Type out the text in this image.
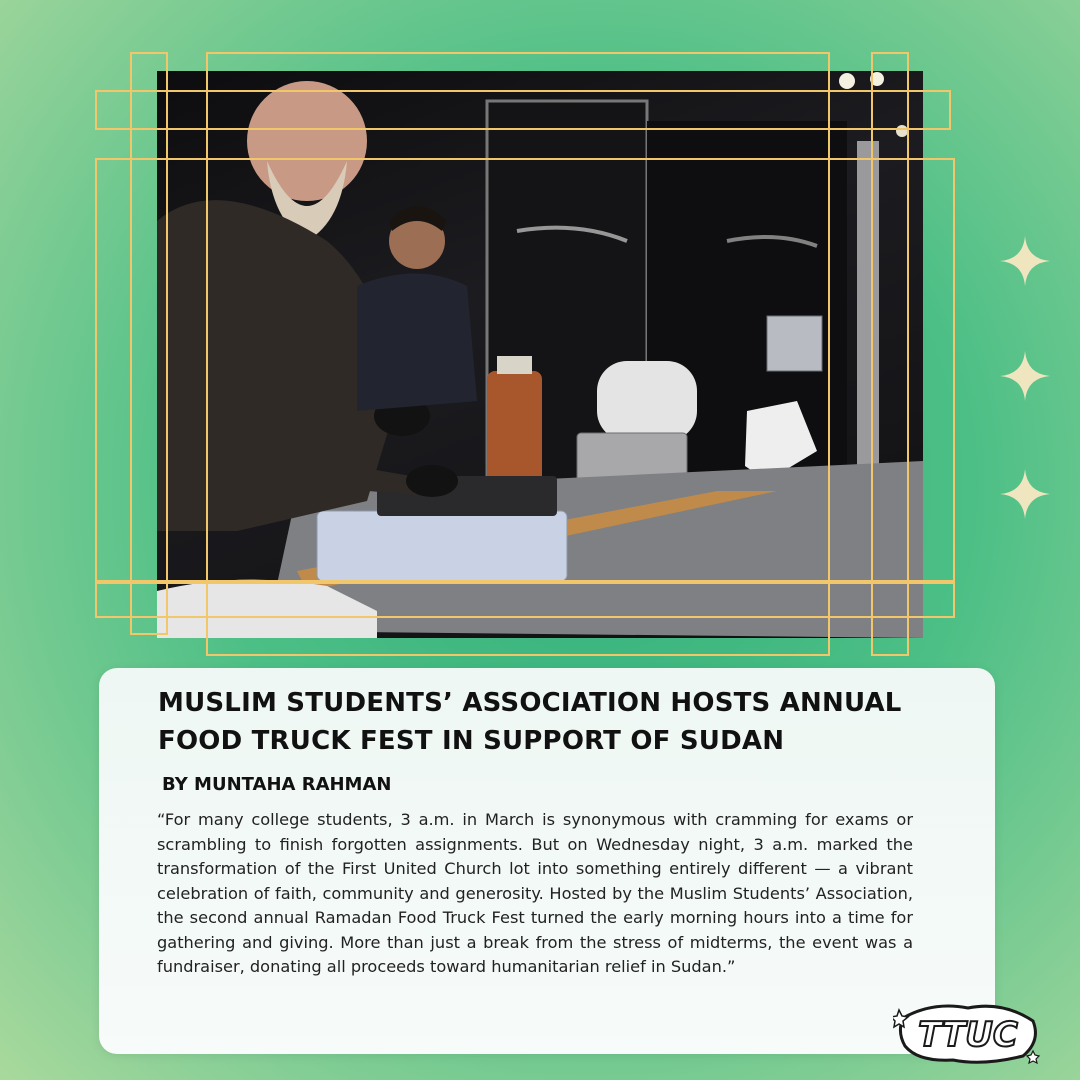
MUSLIM STUDENTS’ ASSOCIATION HOSTS ANNUAL FOOD TRUCK FEST IN SUPPORT OF SUDAN

BY MUNTAHA RAHMAN

“For many college students, 3 a.m. in March is synonymous with cramming for exams or scrambling to finish forgotten assignments. But on Wednesday night, 3 a.m. marked the transformation of the First United Church lot into something entirely different — a vibrant celebration of faith, community and generosity. Hosted by the Muslim Students’ Association, the second annual Ramadan Food Truck Fest turned the early morning hours into a time for gathering and giving. More than just a break from the stress of midterms, the event was a fundraiser, donating all proceeds toward humanitarian relief in Sudan.”

TTUC
